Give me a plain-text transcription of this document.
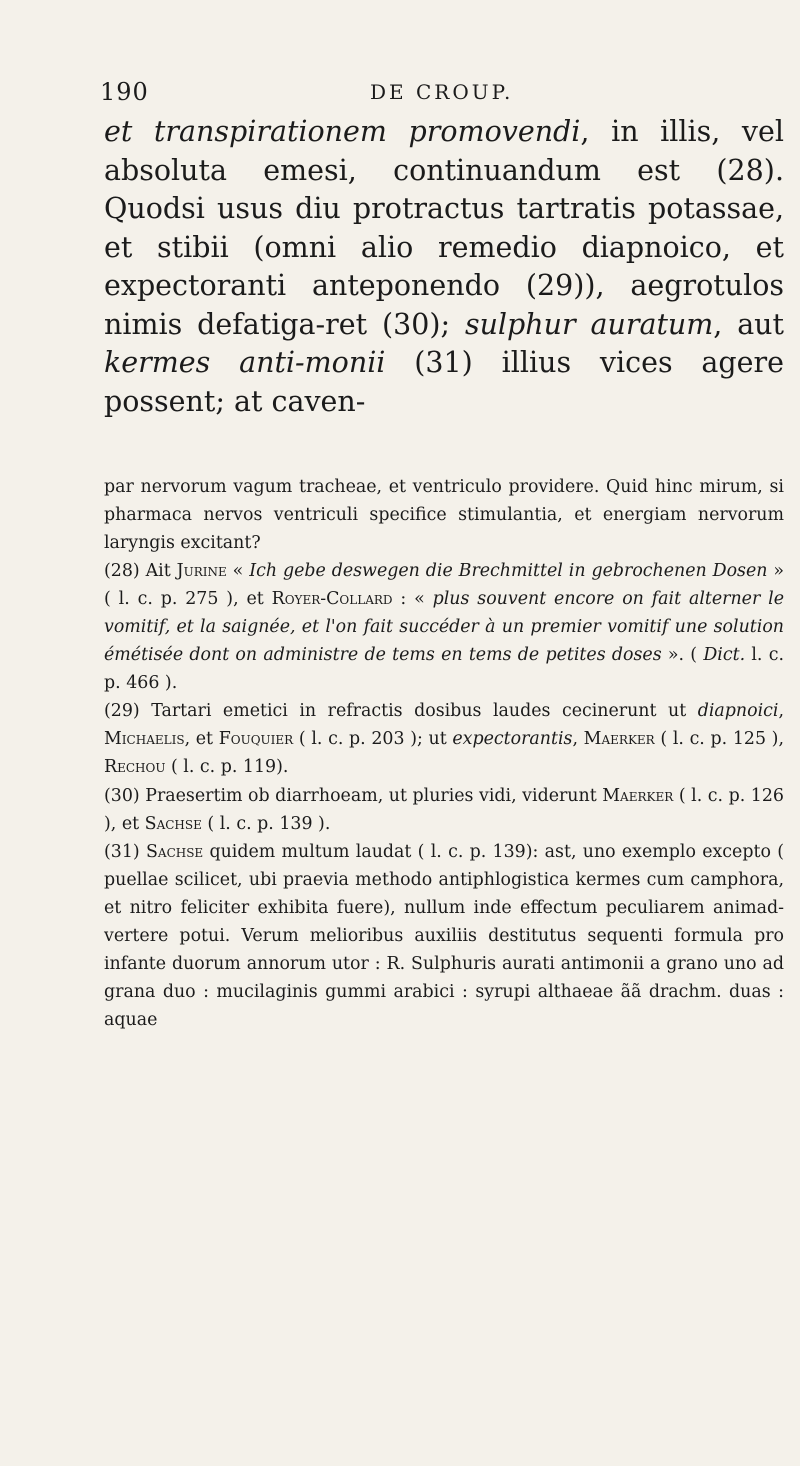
190	DE CROUP.

et transpirationem promovendi, in illis, vel absoluta emesi, continuandum est (28). Quodsi usus diu protractus tartratis potassae, et stibii (omni alio remedio diapnoico, et expectoranti anteponendo (29)), aegrotulos nimis defatiga-ret (30); sulphur auratum, aut kermes anti-monii (31) illius vices agere possent; at caven-

par nervorum vagum tracheae, et ventriculo providere. Quid hinc mirum, si pharmaca nervos ventriculi specifice stimulantia, et energiam nervorum laryngis excitant?

(28) Ait Jurine « Ich gebe deswegen die Brechmittel in gebrochenen Dosen » ( l. c. p. 275 ), et Royer-Collard : « plus souvent encore on fait alterner le vomitif, et la saignée, et l'on fait succéder à un premier vomitif une solution émétisée dont on administre de tems en tems de petites doses ». ( Dict. l. c. p. 466 ).

(29) Tartari emetici in refractis dosibus laudes cecinerunt ut diapnoici, Michaelis, et Fouquier ( l. c. p. 203 ); ut expectorantis, Maerker ( l. c. p. 125 ), Rechou ( l. c. p. 119).

(30) Praesertim ob diarrhoeam, ut pluries vidi, viderunt Maerker ( l. c. p. 126 ), et Sachse ( l. c. p. 139 ).

(31) Sachse quidem multum laudat ( l. c. p. 139): ast, uno exemplo excepto ( puellae scilicet, ubi praevia methodo antiphlogistica kermes cum camphora, et nitro feliciter exhibita fuere), nullum inde effectum peculiarem animad-vertere potui. Verum melioribus auxiliis destitutus sequenti formula pro infante duorum annorum utor : R. Sulphuris aurati antimonii a grano uno ad grana duo : mucilaginis gummi arabici : syrupi althaeae ãã drachm. duas : aquae
